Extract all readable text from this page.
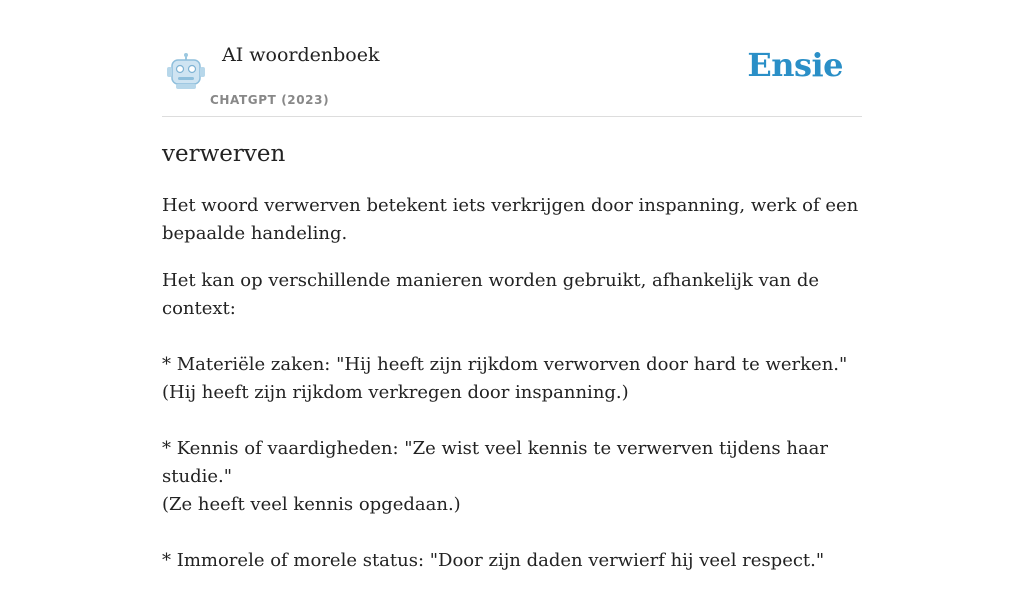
AI woordenboek
CHATGPT (2023)
Ensie
verwerven

Het woord verwerven betekent iets verkrijgen door inspanning, werk of een bepaalde handeling.

Het kan op verschillende manieren worden gebruikt, afhankelijk van de context:

* Materiële zaken: "Hij heeft zijn rijkdom verworven door hard te werken."
(Hij heeft zijn rijkdom verkregen door inspanning.)

* Kennis of vaardigheden: "Ze wist veel kennis te verwerven tijdens haar studie."
(Ze heeft veel kennis opgedaan.)

* Immorele of morele status: "Door zijn daden verwierf hij veel respect."
